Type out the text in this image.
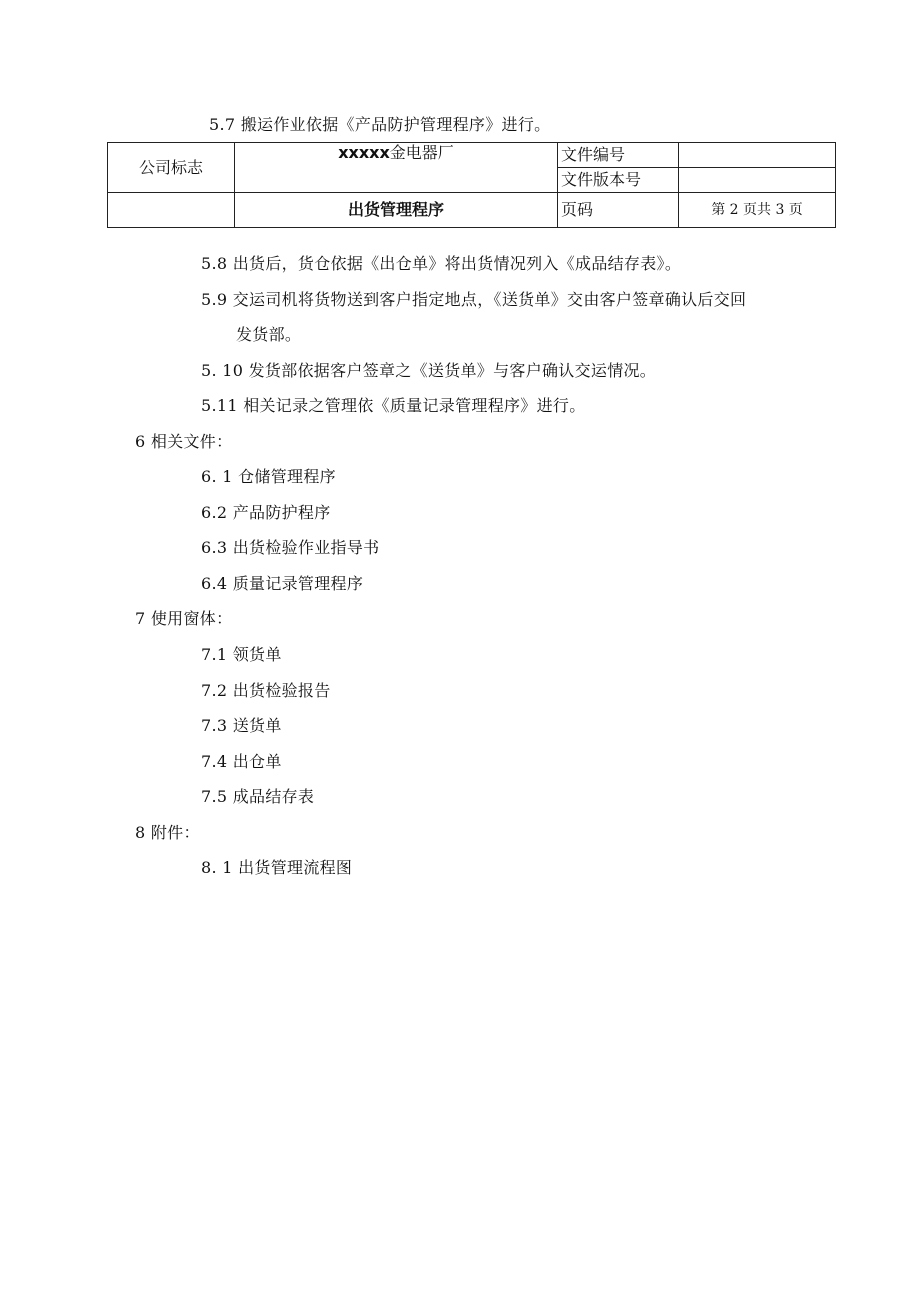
5.7 搬运作业依据《产品防护管理程序》进行。
公司标志	xxxxx金电器厂	文件编号	
		文件版本号	
	出货管理程序	页码	第 2 页共 3 页
5.8 出货后，货仓依据《出仓单》将出货情况列入《成品结存表》。
5.9 交运司机将货物送到客户指定地点，《送货单》交由客户签章确认后交回
发货部。
5. 10 发货部依据客户签章之《送货单》与客户确认交运情况。
5.11 相关记录之管理依《质量记录管理程序》进行。
6 相关文件：
6. 1 仓储管理程序
6.2 产品防护程序
6.3 出货检验作业指导书
6.4 质量记录管理程序
7 使用窗体：
7.1 领货单
7.2 出货检验报告
7.3 送货单
7.4 出仓单
7.5 成品结存表
8 附件：
8. 1 出货管理流程图
